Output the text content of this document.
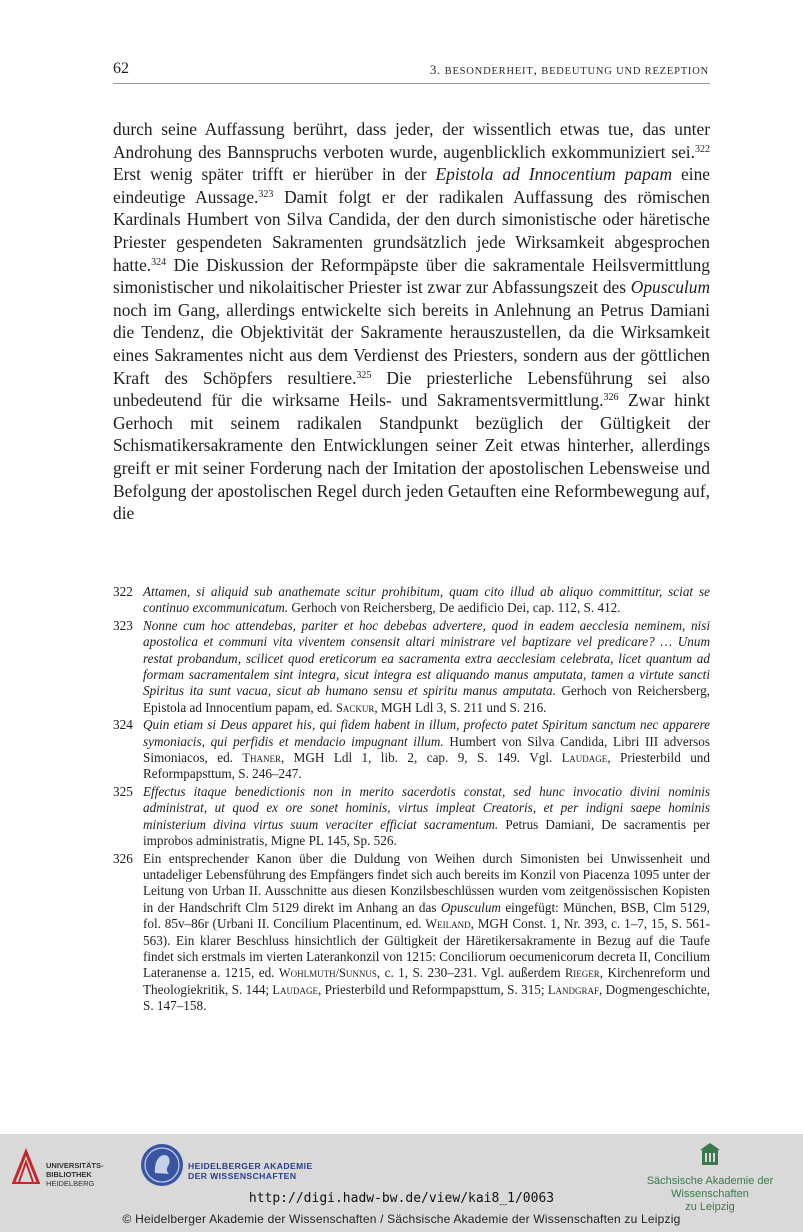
62	3. BESONDERHEIT, BEDEUTUNG UND REZEPTION

durch seine Auffassung berührt, dass jeder, der wissentlich etwas tue, das unter Androhung des Bannspruchs verboten wurde, augenblicklich exkommuniziert sei.$^{322}$ Erst wenig später trifft er hierüber in der Epistola ad Innocentium papam eine eindeutige Aussage.$^{323}$ Damit folgt er der radikalen Auffassung des römischen Kardinals Humbert von Silva Candida, der den durch simonistische oder häretische Priester gespendeten Sakramenten grundsätzlich jede Wirksamkeit abgesprochen hatte.$^{324}$ Die Diskussion der Reformpäpste über die sakramentale Heilsvermittlung simonistischer und nikolaitischer Priester ist zwar zur Abfassungszeit des Opusculum noch im Gang, allerdings entwickelte sich bereits in Anlehnung an Petrus Damiani die Tendenz, die Objektivität der Sakramente herauszustellen, da die Wirksamkeit eines Sakramentes nicht aus dem Verdienst des Priesters, sondern aus der göttlichen Kraft des Schöpfers resultiere.$^{325}$ Die priesterliche Lebensführung sei also unbedeutend für die wirksame Heils- und Sakramentsvermittlung.$^{326}$ Zwar hinkt Gerhoch mit seinem radikalen Standpunkt bezüglich der Gültigkeit der Schismatikersakramente den Entwicklungen seiner Zeit etwas hinterher, allerdings greift er mit seiner Forderung nach der Imitation der apostolischen Lebensweise und Befolgung der apostolischen Regel durch jeden Getauften eine Reformbewegung auf, die

322 Attamen, si aliquid sub anathemate scitur prohibitum, quam cito illud ab aliquo committitur, sciat se continuo excommunicatum. Gerhoch von Reichersberg, De aedificio Dei, cap. 112, S. 412.
323 Nonne cum hoc attendebas, pariter et hoc debebas advertere, quod in eadem aecclesia neminem, nisi apostolica et communi vita viventem consensit altari ministrare vel baptizare vel predicare? … Unum restat probandum, scilicet quod ereticorum ea sacramenta extra aecclesiam celebrata, licet quantum ad formam sacramentalem sint integra, sicut integra est aliquando manus amputata, tamen a virtute sancti Spiritus ita sunt vacua, sicut ab humano sensu et spiritu manus amputata. Gerhoch von Reichersberg, Epistola ad Innocentium papam, ed. Sackur, MGH Ldl 3, S. 211 und S. 216.
324 Quin etiam si Deus apparet his, qui fidem habent in illum, profecto patet Spiritum sanctum nec apparere symoniacis, qui perfidis et mendacio impugnant illum. Humbert von Silva Candida, Libri III adversos Simoniacos, ed. Thaner, MGH Ldl 1, lib. 2, cap. 9, S. 149. Vgl. Laudage, Priesterbild und Reformpapsttum, S. 246–247.
325 Effectus itaque benedictionis non in merito sacerdotis constat, sed hunc invocatio divini nominis administrat, ut quod ex ore sonet hominis, virtus impleat Creatoris, et per indigni saepe hominis ministerium divina virtus suum veraciter efficiat sacramentum. Petrus Damiani, De sacramentis per improbos administratis, Migne PL 145, Sp. 526.
326 Ein entsprechender Kanon über die Duldung von Weihen durch Simonisten bei Unwissenheit und untadeliger Lebensführung des Empfängers findet sich auch bereits im Konzil von Piacenza 1095 unter der Leitung von Urban II. Ausschnitte aus diesen Konzilsbeschlüssen wurden vom zeitgenössischen Kopisten in der Handschrift Clm 5129 direkt im Anhang an das Opusculum eingefügt: München, BSB, Clm 5129, fol. 85v–86r (Urbani II. Concilium Placentinum, ed. Weiland, MGH Const. 1, Nr. 393, c. 1–7, 15, S. 561-563). Ein klarer Beschluss hinsichtlich der Gültigkeit der Häretikersakramente in Bezug auf die Taufe findet sich erstmals im vierten Laterankonzil von 1215: Conciliorum oecumenicorum decreta II, Concilium Lateranense a. 1215, ed. Wohlmuth/Sunnus, c. 1, S. 230–231. Vgl. außerdem Rieger, Kirchenreform und Theologiekritik, S. 144; Laudage, Priesterbild und Reformpapsttum, S. 315; Landgraf, Dogmengeschichte, S. 147–158.
UNIVERSITÄTS-
BIBLIOTHEK
HEIDELBERG
HEIDELBERGER AKADEMIE
DER WISSENSCHAFTEN	Sächsische Akademie der Wissenschaften
zu Leipzig
http://digi.hadw-bw.de/view/kai8_1/0063
© Heidelberger Akademie der Wissenschaften / Sächsische Akademie der Wissenschaften zu Leipzig
